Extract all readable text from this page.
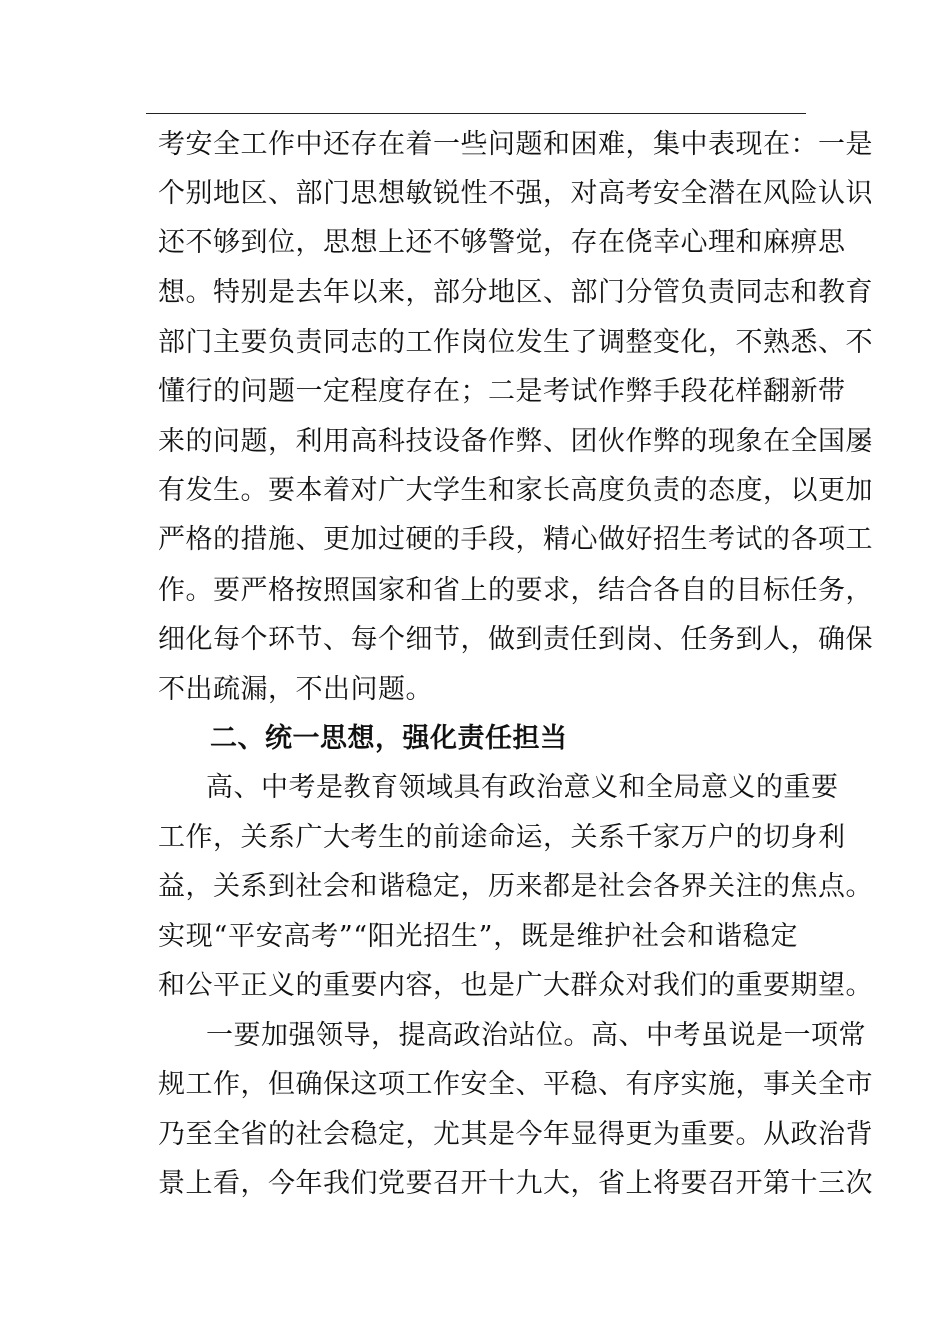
考安全工作中还存在着一些问题和困难，集中表现在：一是
个别地区、部门思想敏锐性不强，对高考安全潜在风险认识
还不够到位，思想上还不够警觉，存在侥幸心理和麻痹思
想。特别是去年以来，部分地区、部门分管负责同志和教育
部门主要负责同志的工作岗位发生了调整变化，不熟悉、不
懂行的问题一定程度存在；二是考试作弊手段花样翻新带
来的问题，利用高科技设备作弊、团伙作弊的现象在全国屡
有发生。要本着对广大学生和家长高度负责的态度，以更加
严格的措施、更加过硬的手段，精心做好招生考试的各项工
作。要严格按照国家和省上的要求，结合各自的目标任务，
细化每个环节、每个细节，做到责任到岗、任务到人，确保
不出疏漏，不出问题。
二、统一思想，强化责任担当
高、中考是教育领域具有政治意义和全局意义的重要
工作，关系广大考生的前途命运，关系千家万户的切身利
益，关系到社会和谐稳定，历来都是社会各界关注的焦点。
实现“平安高考”“阳光招生”，既是维护社会和谐稳定
和公平正义的重要内容，也是广大群众对我们的重要期望。
一要加强领导，提高政治站位。高、中考虽说是一项常
规工作，但确保这项工作安全、平稳、有序实施，事关全市
乃至全省的社会稳定，尤其是今年显得更为重要。从政治背
景上看，今年我们党要召开十九大，省上将要召开第十三次
